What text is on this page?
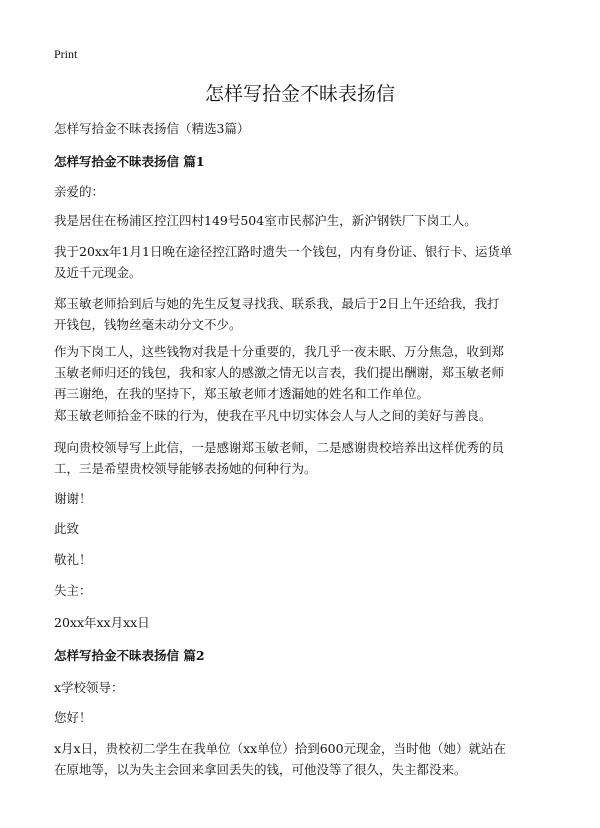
Print
怎样写拾金不昧表扬信

怎样写拾金不昧表扬信（精选3篇）

怎样写拾金不昧表扬信 篇1

亲爱的：

我是居住在杨浦区控江四村149号504室市民郝沪生，新沪钢铁厂下岗工人。

我于20xx年1月1日晚在途径控江路时遗失一个钱包，内有身份证、银行卡、运货单
及近千元现金。

郑玉敏老师拾到后与她的先生反复寻找我、联系我，最后于2日上午还给我，我打
开钱包，钱物丝毫未动分文不少。

作为下岗工人，这些钱物对我是十分重要的，我几乎一夜未眠、万分焦急，收到郑
玉敏老师归还的钱包，我和家人的感激之情无以言表，我们提出酬谢，郑玉敏老师
再三谢绝，在我的坚持下，郑玉敏老师才透漏她的姓名和工作单位。

郑玉敏老师拾金不昧的行为，使我在平凡中切实体会人与人之间的美好与善良。

现向贵校领导写上此信，一是感谢郑玉敏老师，二是感谢贵校培养出这样优秀的员
工，三是希望贵校领导能够表扬她的何种行为。

谢谢！

此致

敬礼！

失主：

20xx年xx月xx日

怎样写拾金不昧表扬信 篇2

x学校领导：

您好！

x月x日，贵校初二学生在我单位（xx单位）拾到600元现金，当时他（她）就站在
在原地等，以为失主会回来拿回丢失的钱，可他没等了很久，失主都没来。
